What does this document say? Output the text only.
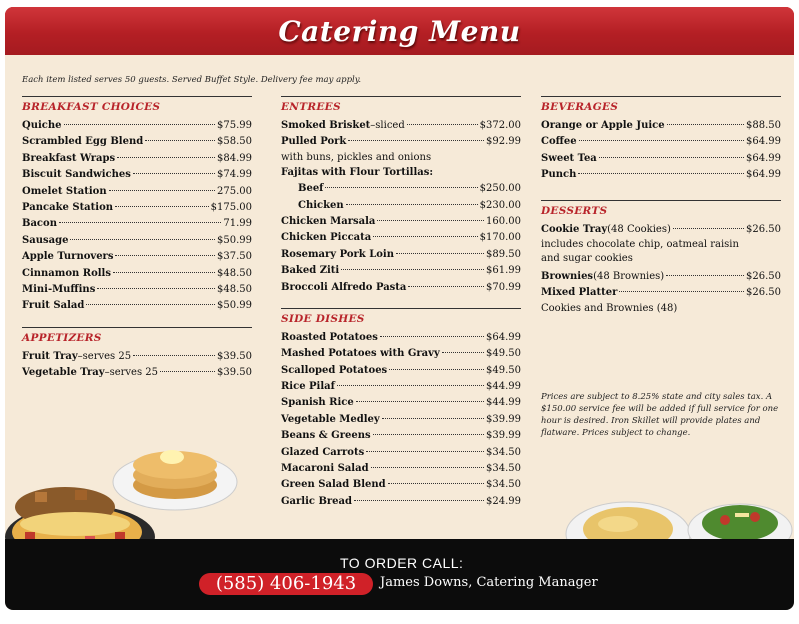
Catering Menu
Each item listed serves 50 guests. Served Buffet Style. Delivery fee may apply.
BREAKFAST CHOICES
Quiche	$75.99
Scrambled Egg Blend	$58.50
Breakfast Wraps	$84.99
Biscuit Sandwiches	$74.99
Omelet Station	275.00
Pancake Station	$175.00
Bacon	71.99
Sausage	$50.99
Apple Turnovers	$37.50
Cinnamon Rolls	$48.50
Mini-Muffins	$48.50
Fruit Salad	$50.99
APPETIZERS
Fruit Tray –serves 25	$39.50
Vegetable Tray –serves 25	$39.50
ENTREES
Smoked Brisket –sliced	$372.00
Pulled Pork	$92.99
with buns, pickles and onions
Fajitas with Flour Tortillas:
Beef	$250.00
Chicken	$230.00
Chicken Marsala	160.00
Chicken Piccata	$170.00
Rosemary Pork Loin	$89.50
Baked Ziti	$61.99
Broccoli Alfredo Pasta	$70.99
SIDE DISHES
Roasted Potatoes	$64.99
Mashed Potatoes with Gravy	$49.50
Scalloped Potatoes	$49.50
Rice Pilaf	$44.99
Spanish Rice	$44.99
Vegetable Medley	$39.99
Beans & Greens	$39.99
Glazed Carrots	$34.50
Macaroni Salad	$34.50
Green Salad Blend	$34.50
Garlic Bread	$24.99
BEVERAGES
Orange or Apple Juice	$88.50
Coffee	$64.99
Sweet Tea	$64.99
Punch	$64.99
DESSERTS
Cookie Tray (48 Cookies)	$26.50
includes chocolate chip, oatmeal raisin
and sugar cookies
Brownies (48 Brownies)	$26.50
Mixed Platter	$26.50
Cookies and Brownies (48)
Prices are subject to 8.25% state and city sales tax. A $150.00 service fee will be added if full service for one hour is desired. Iron Skillet will provide plates and flatware. Prices subject to change.
TO ORDER CALL:
(585) 406-1943	James Downs, Catering Manager
